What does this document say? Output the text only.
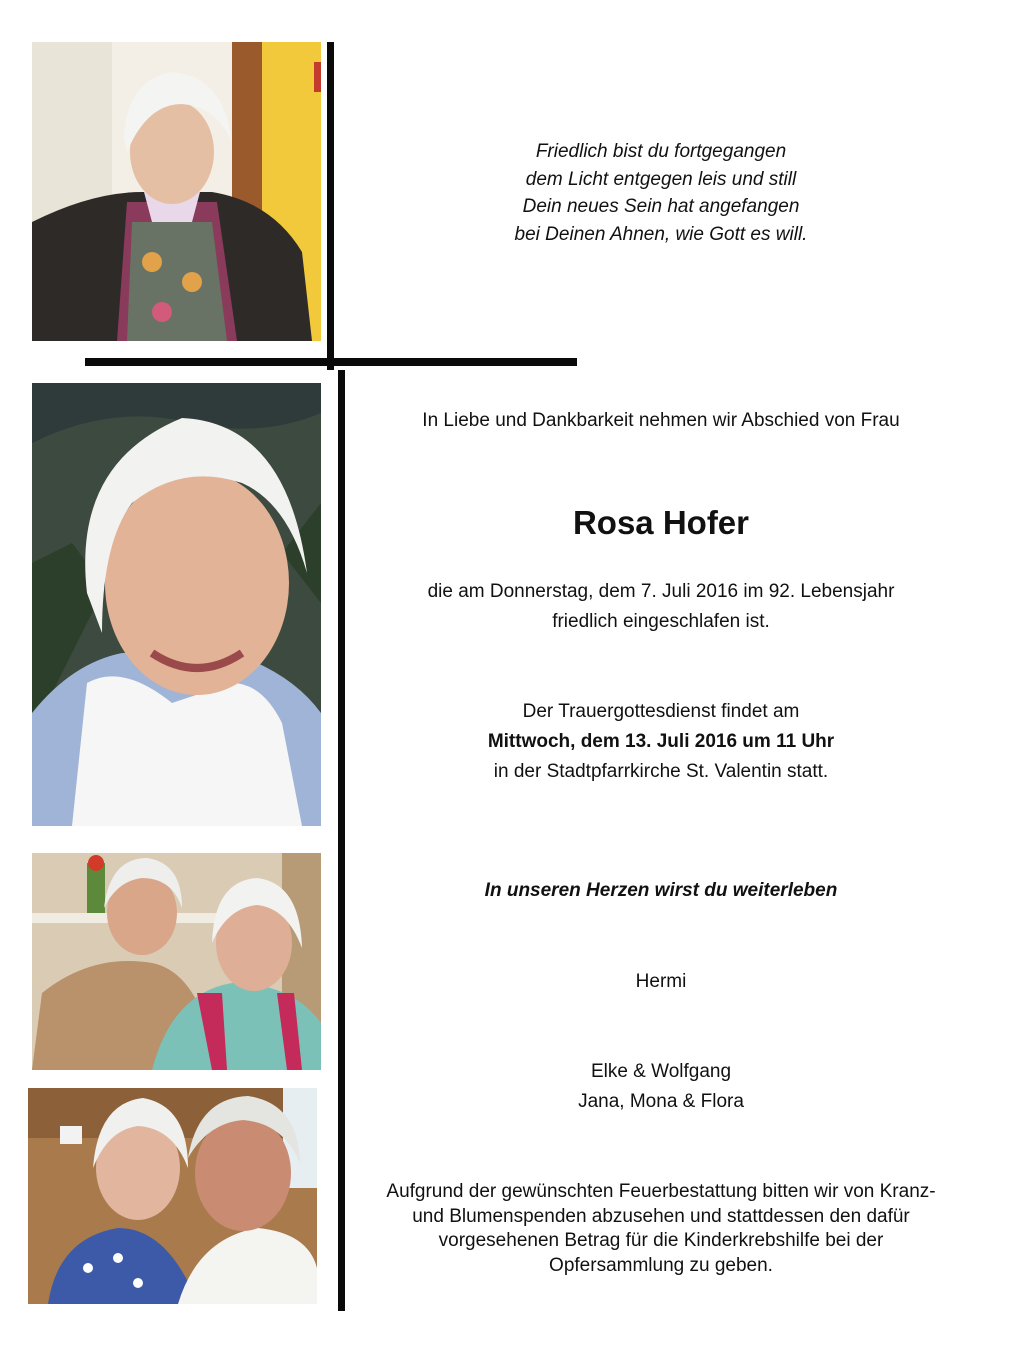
Friedlich bist du fortgegangen
dem Licht entgegen leis und still
Dein neues Sein hat angefangen
bei Deinen Ahnen, wie Gott es will.
In Liebe und Dankbarkeit nehmen wir Abschied von Frau
Rosa Hofer
die am Donnerstag, dem 7. Juli 2016 im 92. Lebensjahr
friedlich eingeschlafen ist.
Der Trauergottesdienst findet am
Mittwoch, dem 13. Juli 2016 um 11 Uhr
in der Stadtpfarrkirche St. Valentin statt.
In unseren Herzen wirst du weiterleben
Hermi
Elke & Wolfgang
Jana, Mona & Flora
Aufgrund der gewünschten Feuerbestattung bitten wir von Kranz-
und Blumenspenden abzusehen und stattdessen den dafür
vorgesehenen Betrag für die Kinderkrebshilfe bei der
Opfersammlung zu geben.
